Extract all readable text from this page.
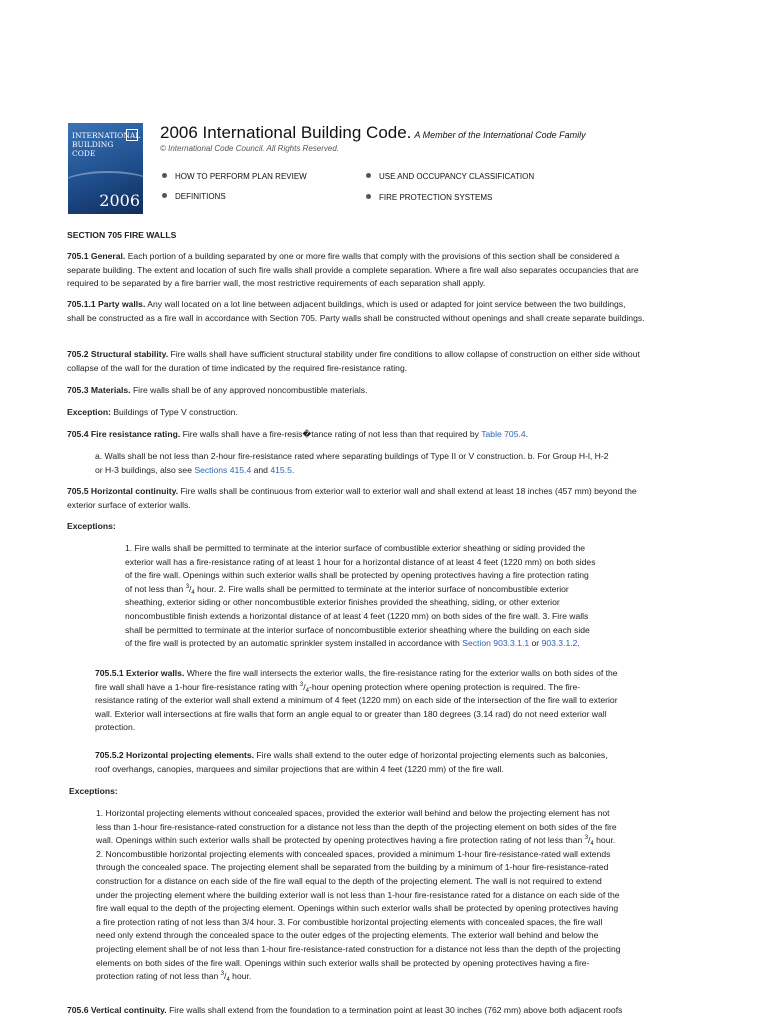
INTERNATIONAL
BUILDING
CODE
2006
2006 International Building Code. A Member of the International Code Family
© International Code Council. All Rights Reserved.
HOW TO PERFORM PLAN REVIEW	USE AND OCCUPANCY CLASSIFICATION
DEFINITIONS	FIRE PROTECTION SYSTEMS
SECTION 705 FIRE WALLS
705.1 General. Each portion of a building separated by one or more fire walls that comply with the provisions of this section shall be considered a
separate building. The extent and location of such fire walls shall provide a complete separation. Where a fire wall also separates occupancies that are
required to be separated by a fire barrier wall, the most restrictive requirements of each separation shall apply.
705.1.1 Party walls. Any wall located on a lot line between adjacent buildings, which is used or adapted for joint service between the two buildings,
shall be constructed as a fire wall in accordance with Section 705. Party walls shall be constructed without openings and shall create separate buildings.
705.2 Structural stability. Fire walls shall have sufficient structural stability under fire conditions to allow collapse of construction on either side without
collapse of the wall for the duration of time indicated by the required fire-resistance rating.
705.3 Materials. Fire walls shall be of any approved noncombustible materials.
Exception: Buildings of Type V construction.
705.4 Fire resistance rating. Fire walls shall have a fire-resis�tance rating of not less than that required by Table 705.4.
a. Walls shall be not less than 2-hour fire-resistance rated where separating buildings of Type II or V construction. b. For Group H-l, H-2
or H-3 buildings, also see Sections 415.4 and 415.5.
705.5 Horizontal continuity. Fire walls shall be continuous from exterior wall to exterior wall and shall extend at least 18 inches (457 mm) beyond the
exterior surface of exterior walls.
Exceptions:
1. Fire walls shall be permitted to terminate at the interior surface of combustible exterior sheathing or siding provided the
exterior wall has a fire-resistance rating of at least 1 hour for a horizontal distance of at least 4 feet (1220 mm) on both sides
of the fire wall. Openings within such exterior walls shall be protected by opening protectives having a fire protection rating
of not less than $^3/_4$ hour. 2. Fire walls shall be permitted to terminate at the interior surface of noncombustible exterior
sheathing, exterior siding or other noncombustible exterior finishes provided the sheathing, siding, or other exterior
noncombustible finish extends a horizontal distance of at least 4 feet (1220 mm) on both sides of the fire wall. 3. Fire walls
shall be permitted to terminate at the interior surface of noncombustible exterior sheathing where the building on each side
of the fire wall is protected by an automatic sprinkler system installed in accordance with Section 903.3.1.1 or 903.3.1.2.
705.5.1 Exterior walls. Where the fire wall intersects the exterior walls, the fire-resistance rating for the exterior walls on both sides of the
fire wall shall have a 1-hour fire-resistance rating with $^3/_4$-hour opening protection where opening protection is required. The fire-
resistance rating of the exterior wall shall extend a minimum of 4 feet (1220 mm) on each side of the intersection of the fire wall to exterior
wall. Exterior wall intersections at fire walls that form an angle equal to or greater than 180 degrees (3.14 rad) do not need exterior wall
protection.
705.5.2 Horizontal projecting elements. Fire walls shall extend to the outer edge of horizontal projecting elements such as balconies,
roof overhangs, canopies, marquees and similar projections that are within 4 feet (1220 mm) of the fire wall.
Exceptions:
1. Horizontal projecting elements without concealed spaces, provided the exterior wall behind and below the projecting element has not
less than 1-hour fire-resistance-rated construction for a distance not less than the depth of the projecting element on both sides of the fire
wall. Openings within such exterior walls shall be protected by opening protectives having a fire protection rating of not less than $^3/_4$ hour.
2. Noncombustible horizontal projecting elements with concealed spaces, provided a minimum 1-hour fire-resistance-rated wall extends
through the concealed space. The projecting element shall be separated from the building by a minimum of 1-hour fire-resistance-rated
construction for a distance on each side of the fire wall equal to the depth of the projecting element. The wall is not required to extend
under the projecting element where the building exterior wall is not less than 1-hour fire-resistance rated for a distance on each side of the
fire wall equal to the depth of the projecting element. Openings within such exterior walls shall be protected by opening protectives having
a fire protection rating of not less than 3/4 hour. 3. For combustible horizontal projecting elements with concealed spaces, the fire wall
need only extend through the concealed space to the outer edges of the projecting elements. The exterior wall behind and below the
projecting element shall be of not less than 1-hour fire-resistance-rated construction for a distance not less than the depth of the projecting
elements on both sides of the fire wall. Openings within such exterior walls shall be protected by opening protectives having a fire-
protection rating of not less than $^3/_4$ hour.
705.6 Vertical continuity. Fire walls shall extend from the foundation to a termination point at least 30 inches (762 mm) above both adjacent roofs
